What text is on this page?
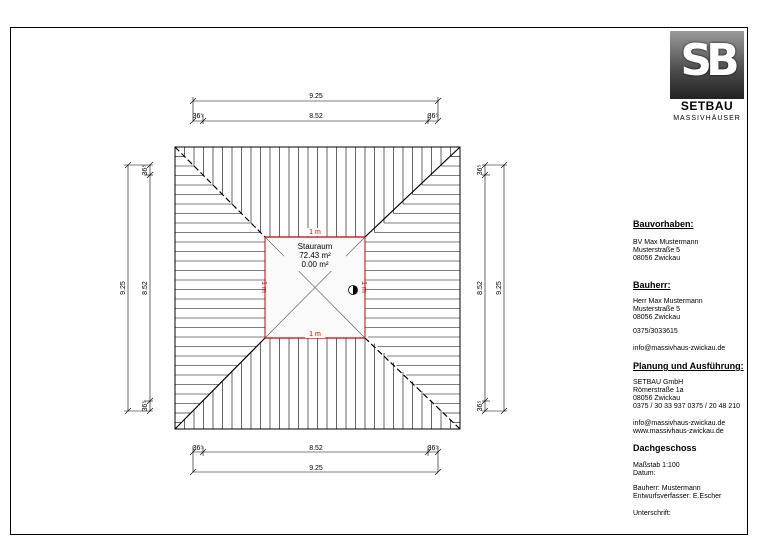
Stauraum
72.43 m²
0.00 m²
1 m
1 m
1 m	1 m
9.25
8.52
36⁵	36⁵
8.52
36⁵	36⁵
9.25
9.25 8.52
36⁵
36⁵
8.52
36⁵
36⁵
9.25
SB
SETBAU
MASSIVHÄUSER
Bauvorhaben:
BV Max Mustermann
Musterstraße 5
08056 Zwickau
Bauherr:
Herr Max Mustermann
Musterstraße 5
08056 Zwickau
0375/3033615
info@massivhaus-zwickau.de
Planung und Ausführung:
SETBAU GmbH
Römerstraße 1a
08056 Zwickau
0375 / 30 33 937 0375 / 20 48 210
info@massivhaus-zwickau.de
www.massivhaus-zwickau.de
Dachgeschoss
Maßstab 1:100
Datum:
Bauherr: Mustermann
Entwurfsverfasser: E.Escher
Unterschrift:
